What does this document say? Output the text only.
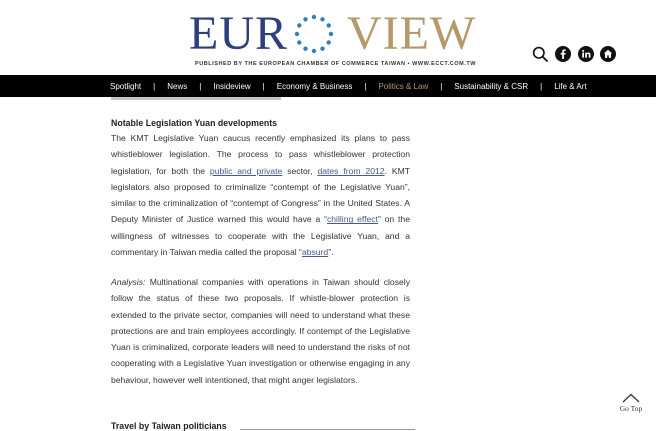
EUR VIEW
PUBLISHED BY THE EUROPEAN CHAMBER OF COMMERCE TAIWAN • WWW.ECCT.COM.TW
Spotlight | News | Insideview | Economy & Business | Politics & Law | Sustainability & CSR | Life & Art
Notable Legislation Yuan developments
The KMT Legislative Yuan caucus recently emphasized its plans to pass whistleblower legislation. The process to pass whistleblower protection legislation, for both the public and private sector, dates from 2012. KMT legislators also proposed to criminalize “contempt of the Legislative Yuan”, similar to the criminalization of “contempt of Congress” in the United States. A Deputy Minister of Justice warned this would have a “chilling effect” on the willingness of witnesses to cooperate with the Legislative Yuan, and a commentary in Taiwan media called the proposal “absurd”.
Analysis: Multinational companies with operations in Taiwan should closely follow the status of these two proposals. If whistle-blower protection is extended to the private sector, companies will need to understand what these protections are and train employees accordingly. If contempt of the Legislative Yuan is criminalized, corporate leaders will need to understand the risks of not cooperating with a Legislative Yuan investigation or otherwise engaging in any behaviour, however well intentioned, that might anger legislators.
Travel by Taiwan politicians
Go Top
